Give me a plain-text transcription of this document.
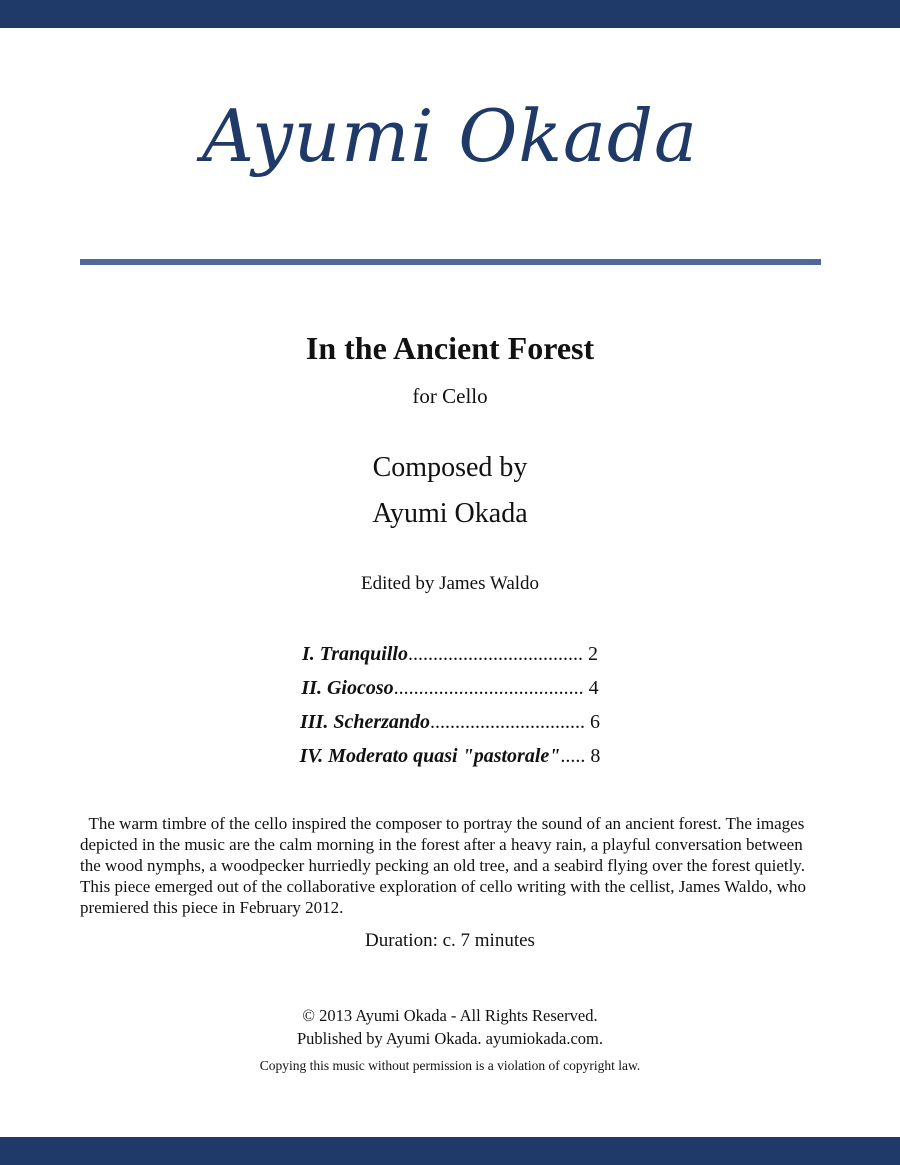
Ayumi Okada
In the Ancient Forest
for Cello
Composed by
Ayumi Okada
Edited by James Waldo
I. Tranquillo................................... 2
II. Giocoso...................................... 4
III. Scherzando............................... 6
IV. Moderato quasi "pastorale"..... 8
The warm timbre of the cello inspired the composer to portray the sound of an ancient forest. The images depicted in the music are the calm morning in the forest after a heavy rain, a playful conversation between the wood nymphs, a woodpecker hurriedly pecking an old tree, and a seabird flying over the forest quietly. This piece emerged out of the collaborative exploration of cello writing with the cellist, James Waldo, who premiered this piece in February 2012.
Duration: c. 7 minutes
© 2013 Ayumi Okada - All Rights Reserved.
Published by Ayumi Okada. ayumiokada.com.
Copying this music without permission is a violation of copyright law.
